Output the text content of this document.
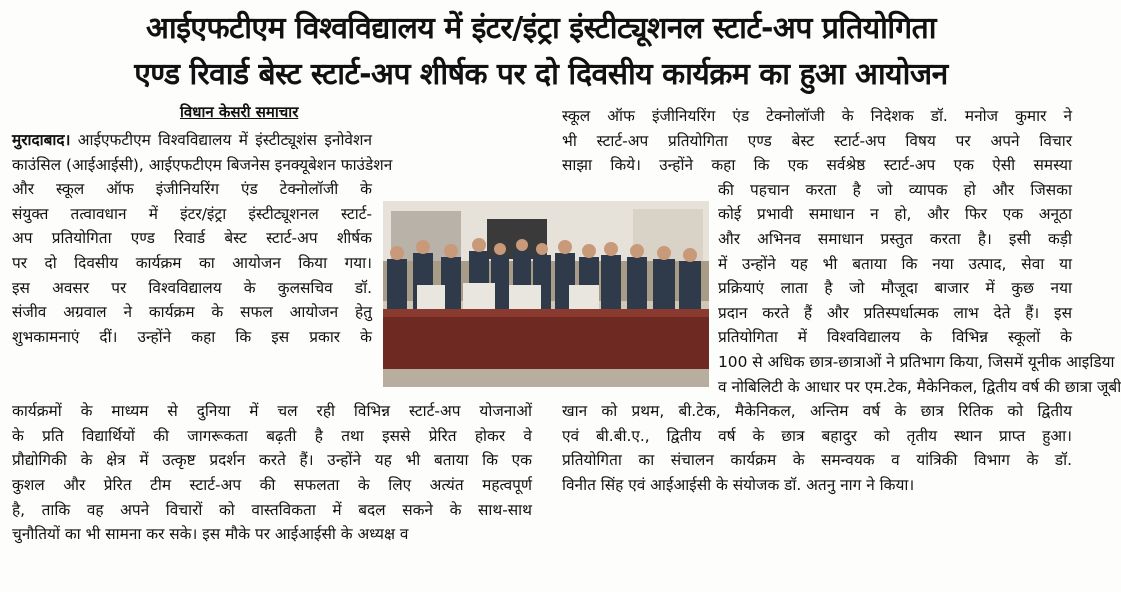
आईएफटीएम विश्वविद्यालय में इंटर/इंट्रा इंस्टीट्यूशनल स्टार्ट-अप प्रतियोगिता
एण्ड रिवार्ड बेस्ट स्टार्ट-अप शीर्षक पर दो दिवसीय कार्यक्रम का हुआ आयोजन
विधान केसरी समाचार
मुरादाबाद। आईएफटीएम विश्वविद्यालय में इंस्टीट्यूशंस इनोवेशन
काउंसिल (आईआईसी), आईएफटीएम बिजनेस इनक्यूबेशन फाउंडेशन
और स्कूल ऑफ इंजीनियरिंग एंड टेक्नोलॉजी के
संयुक्त तत्वावधान में इंटर/इंट्रा इंस्टीट्यूशनल स्टार्ट-
अप प्रतियोगिता एण्ड रिवार्ड बेस्ट स्टार्ट-अप शीर्षक
पर दो दिवसीय कार्यक्रम का आयोजन किया गया।
इस अवसर पर विश्वविद्यालय के कुलसचिव डॉ.
संजीव अग्रवाल ने कार्यक्रम के सफल आयोजन हेतु
शुभकामनाएं दीं। उन्होंने कहा कि इस प्रकार के
स्कूल ऑफ इंजीनियरिंग एंड टेक्नोलॉजी के निदेशक डॉ. मनोज कुमार ने
भी स्टार्ट-अप प्रतियोगिता एण्ड बेस्ट स्टार्ट-अप विषय पर अपने विचार
साझा किये। उन्होंने कहा कि एक सर्वश्रेष्ठ स्टार्ट-अप एक ऐसी समस्या
की पहचान करता है जो व्यापक हो और जिसका
कोई प्रभावी समाधान न हो, और फिर एक अनूठा
और अभिनव समाधान प्रस्तुत करता है। इसी कड़ी
में उन्होंने यह भी बताया कि नया उत्पाद, सेवा या
प्रक्रियाएं लाता है जो मौजूदा बाजार में कुछ नया
प्रदान करते हैं और प्रतिस्पर्धात्मक लाभ देते हैं। इस
प्रतियोगिता में विश्वविद्यालय के विभिन्न स्कूलों के
100 से अधिक छात्र-छात्राओं ने प्रतिभाग किया, जिसमें यूनीक आइडिया
व नोबिलिटी के आधार पर एम.टेक, मैकेनिकल, द्वितीय वर्ष की छात्रा जूबी
खान को प्रथम, बी.टेक, मैकेनिकल, अन्तिम वर्ष के छात्र रितिक को द्वितीय
एवं बी.बी.ए., द्वितीय वर्ष के छात्र बहादुर को तृतीय स्थान प्राप्त हुआ।
प्रतियोगिता का संचालन कार्यक्रम के समन्वयक व यांत्रिकी विभाग के डॉ.
विनीत सिंह एवं आईआईसी के संयोजक डॉ. अतनु नाग ने किया।
कार्यक्रमों के माध्यम से दुनिया में चल रही विभिन्न स्टार्ट-अप योजनाओं
के प्रति विद्यार्थियों की जागरूकता बढ़ती है तथा इससे प्रेरित होकर वे
प्रौद्योगिकी के क्षेत्र में उत्कृष्ट प्रदर्शन करते हैं। उन्होंने यह भी बताया कि एक
कुशल और प्रेरित टीम स्टार्ट-अप की सफलता के लिए अत्यंत महत्वपूर्ण
है, ताकि वह अपने विचारों को वास्तविकता में बदल सकने के साथ-साथ
चुनौतियों का भी सामना कर सके। इस मौके पर आईआईसी के अध्यक्ष व
